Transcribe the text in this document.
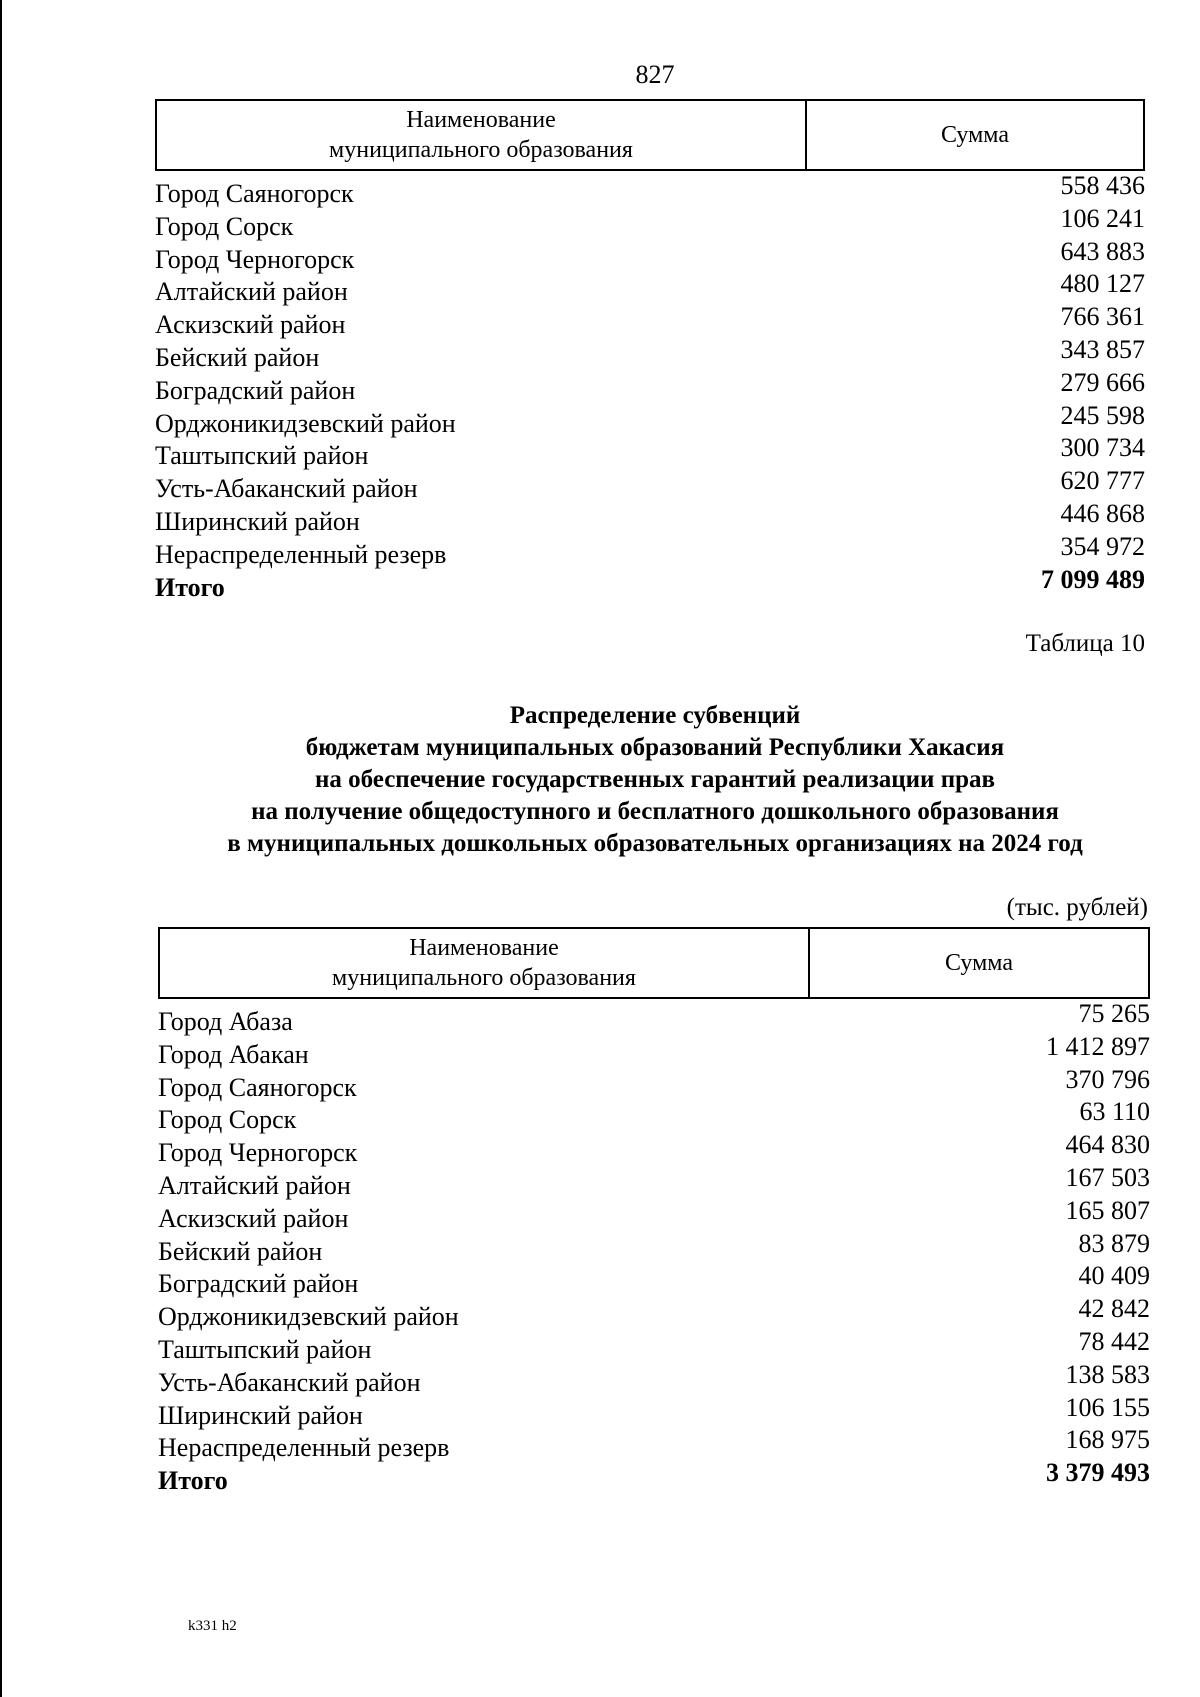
827
Наименование
муниципального образования
Сумма
Город Саяногорск	558 436
Город Сорск	106 241
Город Черногорск	643 883
Алтайский район	480 127
Аскизский район	766 361
Бейский район	343 857
Боградский район	279 666
Орджоникидзевский район	245 598
Таштыпский район	300 734
Усть-Абаканский район	620 777
Ширинский район	446 868
Нераспределенный резерв	354 972
Итого	7 099 489
Таблица 10
Распределение субвенций
бюджетам муниципальных образований Республики Хакасия
на обеспечение государственных гарантий реализации прав
на получение общедоступного и бесплатного дошкольного образования
в муниципальных дошкольных образовательных организациях на 2024 год
(тыс. рублей)
Наименование
муниципального образования
Сумма
Город Абаза	75 265
Город Абакан	1 412 897
Город Саяногорск	370 796
Город Сорск	63 110
Город Черногорск	464 830
Алтайский район	167 503
Аскизский район	165 807
Бейский район	83 879
Боградский район	40 409
Орджоникидзевский район	42 842
Таштыпский район	78 442
Усть-Абаканский район	138 583
Ширинский район	106 155
Нераспределенный резерв	168 975
Итого	3 379 493
k331 h2
